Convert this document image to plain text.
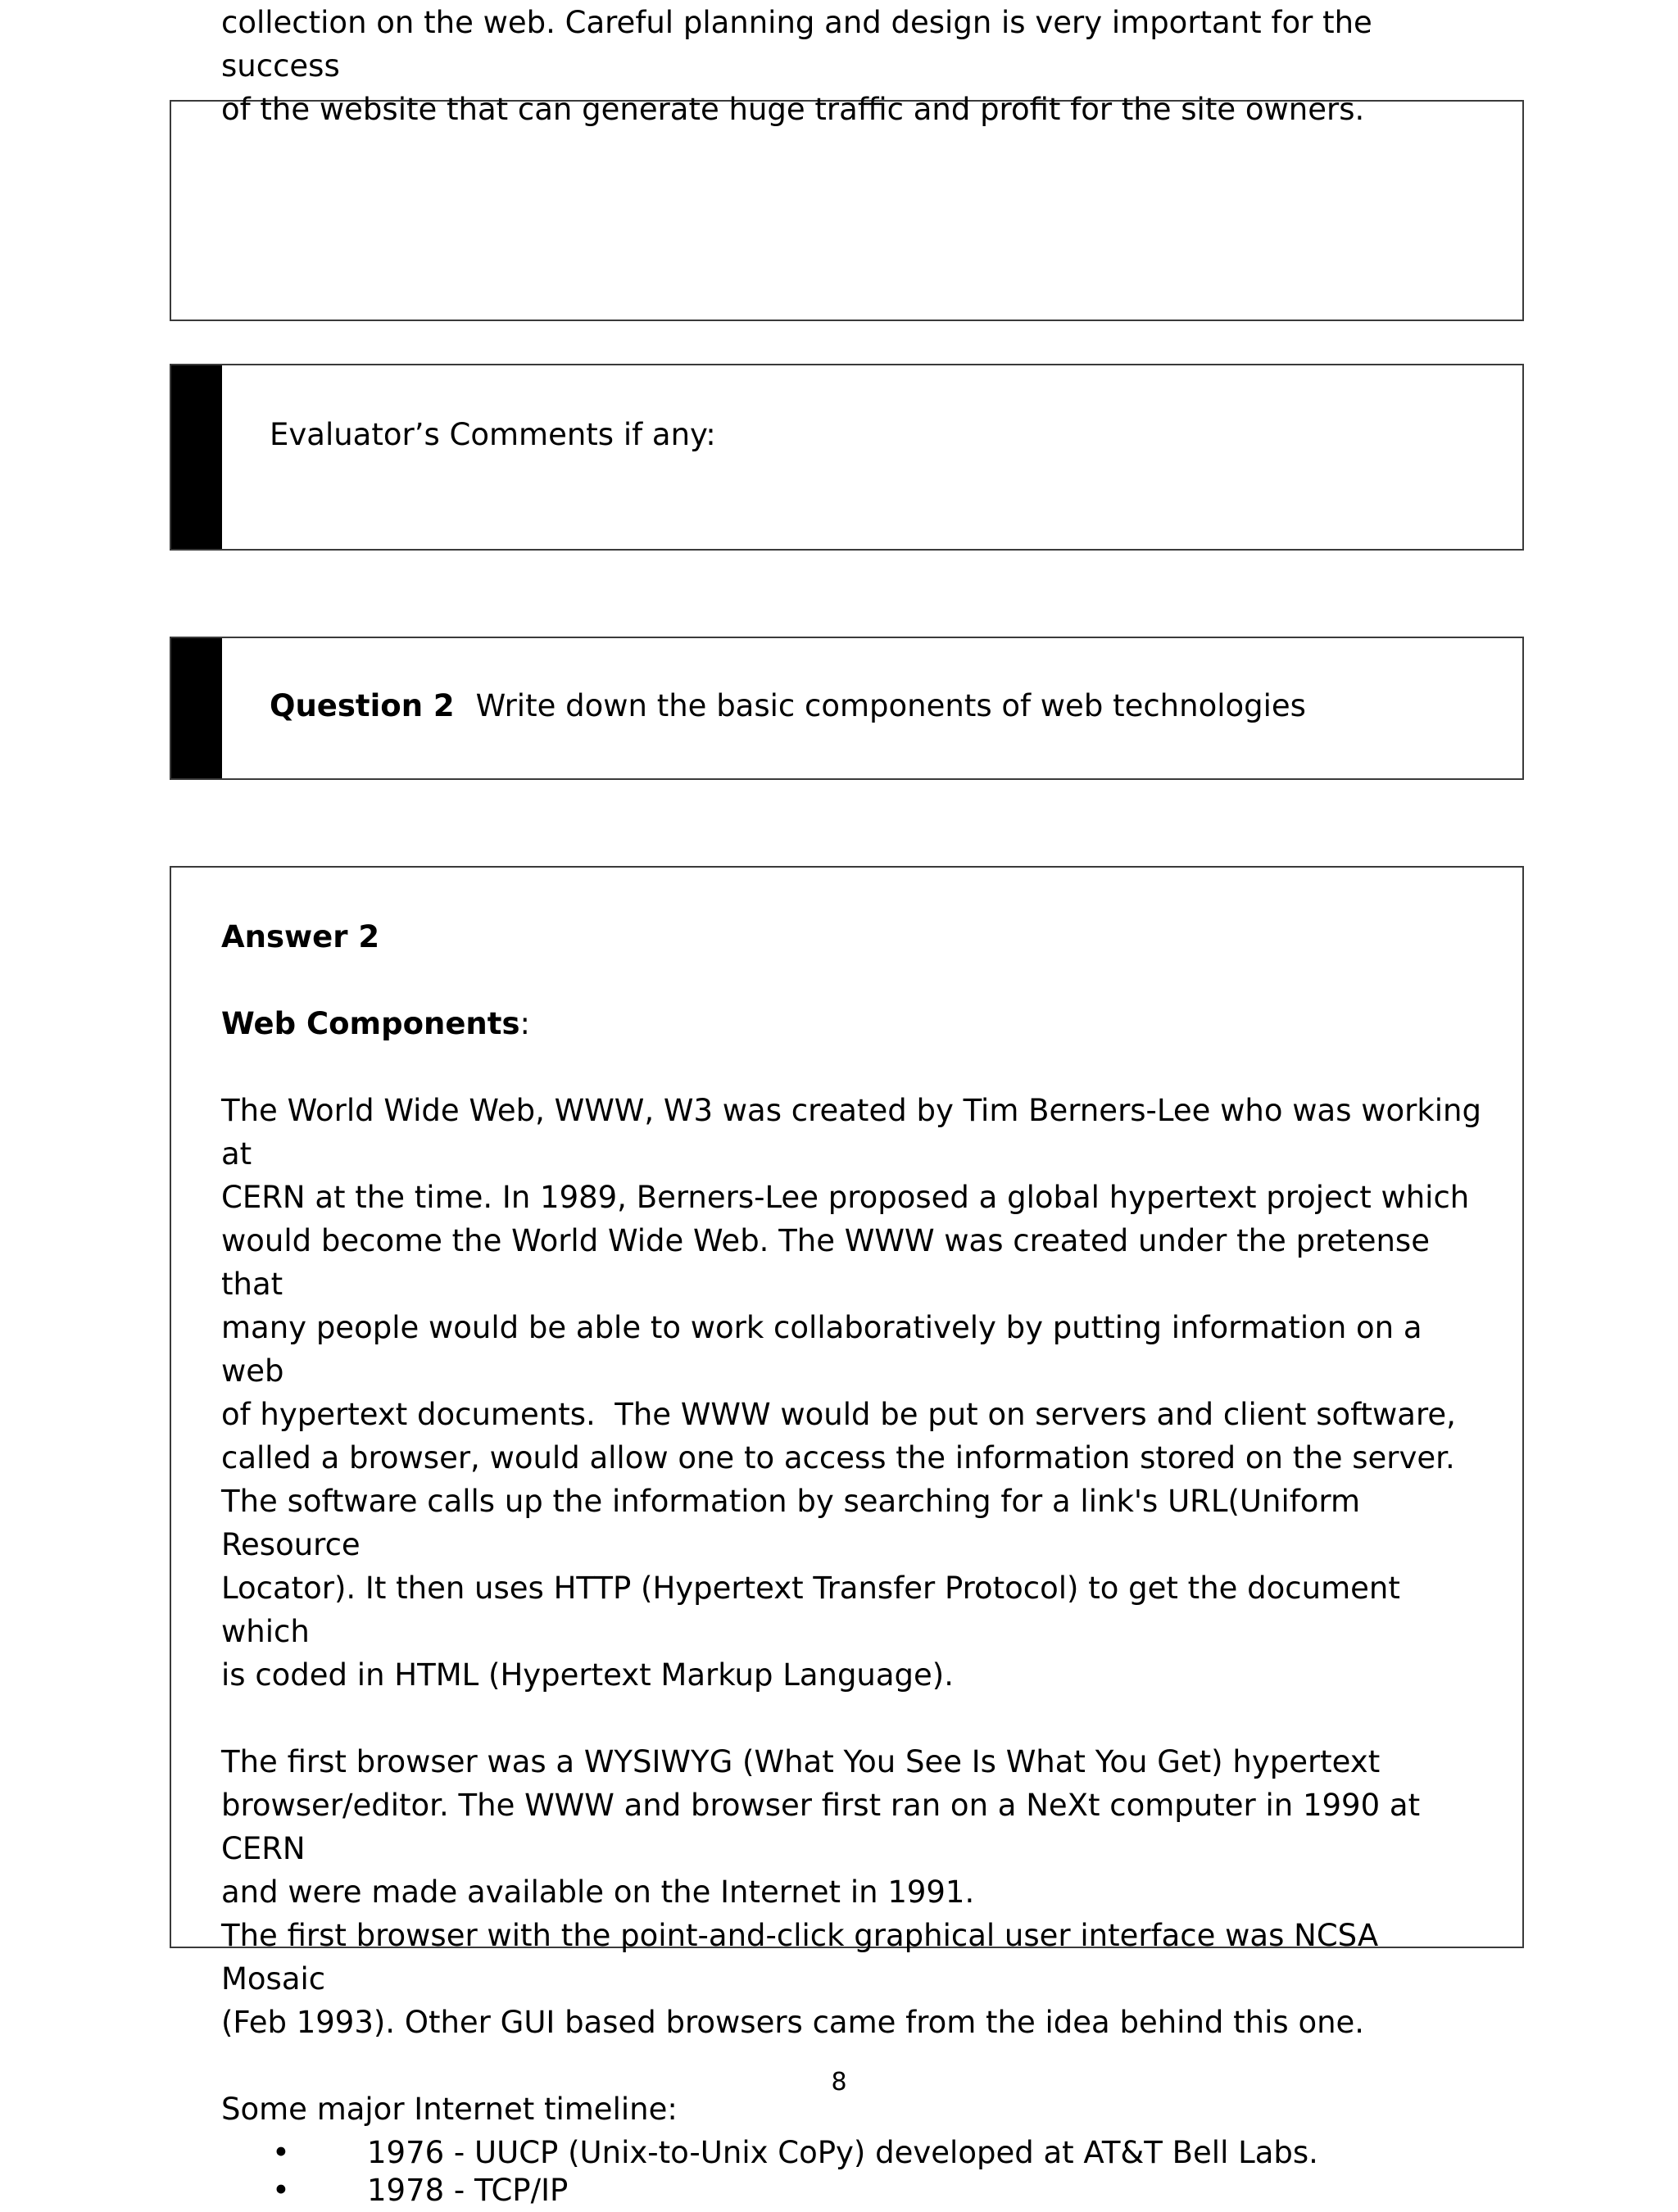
collection on the web. Careful planning and design is very important for the success
of the website that can generate huge traffic and profit for the site owners.
Evaluator’s Comments if any:
Question 2 Write down the basic components of web technologies
Answer 2
Web Components:
The World Wide Web, WWW, W3 was created by Tim Berners-Lee who was working at
CERN at the time. In 1989, Berners-Lee proposed a global hypertext project which
would become the World Wide Web. The WWW was created under the pretense that
many people would be able to work collaboratively by putting information on a web
of hypertext documents.  The WWW would be put on servers and client software,
called a browser, would allow one to access the information stored on the server.
The software calls up the information by searching for a link's URL(Uniform Resource
Locator). It then uses HTTP (Hypertext Transfer Protocol) to get the document which
is coded in HTML (Hypertext Markup Language).
The first browser was a WYSIWYG (What You See Is What You Get) hypertext
browser/editor. The WWW and browser first ran on a NeXt computer in 1990 at CERN
and were made available on the Internet in 1991.
The first browser with the point-and-click graphical user interface was NCSA Mosaic
(Feb 1993). Other GUI based browsers came from the idea behind this one.
Some major Internet timeline:
•	1976 - UUCP (Unix-to-Unix CoPy) developed at AT&T Bell Labs.
•	1978 - TCP/IP
8
